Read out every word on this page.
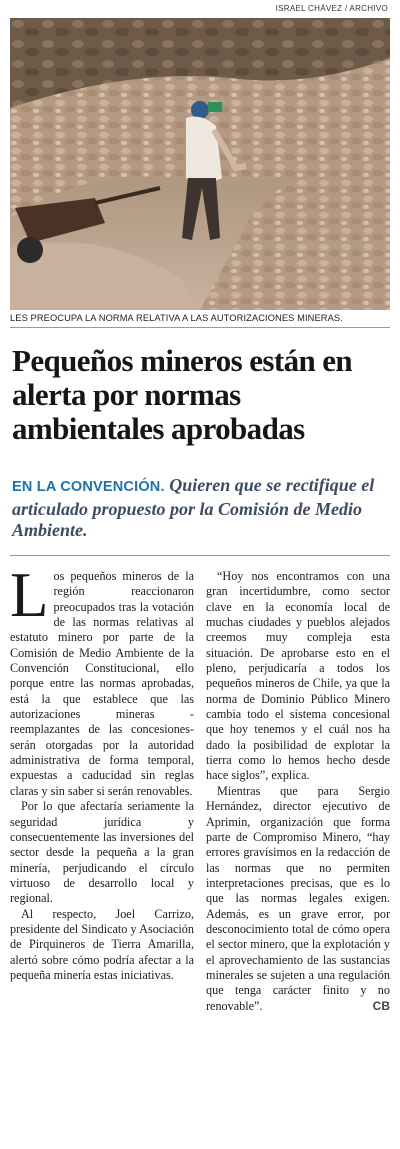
ISRAEL CHÁVEZ / ARCHIVO
LES PREOCUPA LA NORMA RELATIVA A LAS AUTORIZACIONES MINERAS.
Pequeños mineros están en alerta por normas ambientales aprobadas

EN LA CONVENCIÓN. Quieren que se rectifique el articulado propuesto por la Comisión de Medio Ambiente.

Los pequeños mineros de la región reaccionaron preocupados tras la votación de las normas relativas al estatuto minero por parte de la Comisión de Medio Ambiente de la Convención Constitucional, ello porque entre las normas aprobadas, está la que establece que las autorizaciones mineras -reemplazantes de las concesiones- serán otorgadas por la autoridad administrativa de forma temporal, expuestas a caducidad sin reglas claras y sin saber si serán renovables.

Por lo que afectaría seriamente la seguridad jurídica y consecuentemente las inversiones del sector desde la pequeña a la gran minería, perjudicando el círculo virtuoso de desarrollo local y regional.

Al respecto, Joel Carrizo, presidente del Sindicato y Asociación de Pirquineros de Tierra Amarilla, alertó sobre cómo podría afectar a la pequeña minería estas iniciativas.

“Hoy nos encontramos con una gran incertidumbre, como sector clave en la economía local de muchas ciudades y pueblos alejados creemos muy compleja esta situación. De aprobarse esto en el pleno, perjudicaría a todos los pequeños mineros de Chile, ya que la norma de Dominio Público Minero cambia todo el sistema concesional que hoy tenemos y el cuál nos ha dado la posibilidad de explotar la tierra como lo hemos hecho desde hace siglos”, explica.

Mientras que para Sergio Hernández, director ejecutivo de Aprimin, organización que forma parte de Compromiso Minero, “hay errores gravísimos en la redacción de las normas que no permiten interpretaciones precisas, que es lo que las normas legales exigen. Además, es un grave error, por desconocimiento total de cómo opera el sector minero, que la explotación y el aprovechamiento de las sustancias minerales se sujeten a una regulación que tenga carácter finito y no renovable”.	CB
